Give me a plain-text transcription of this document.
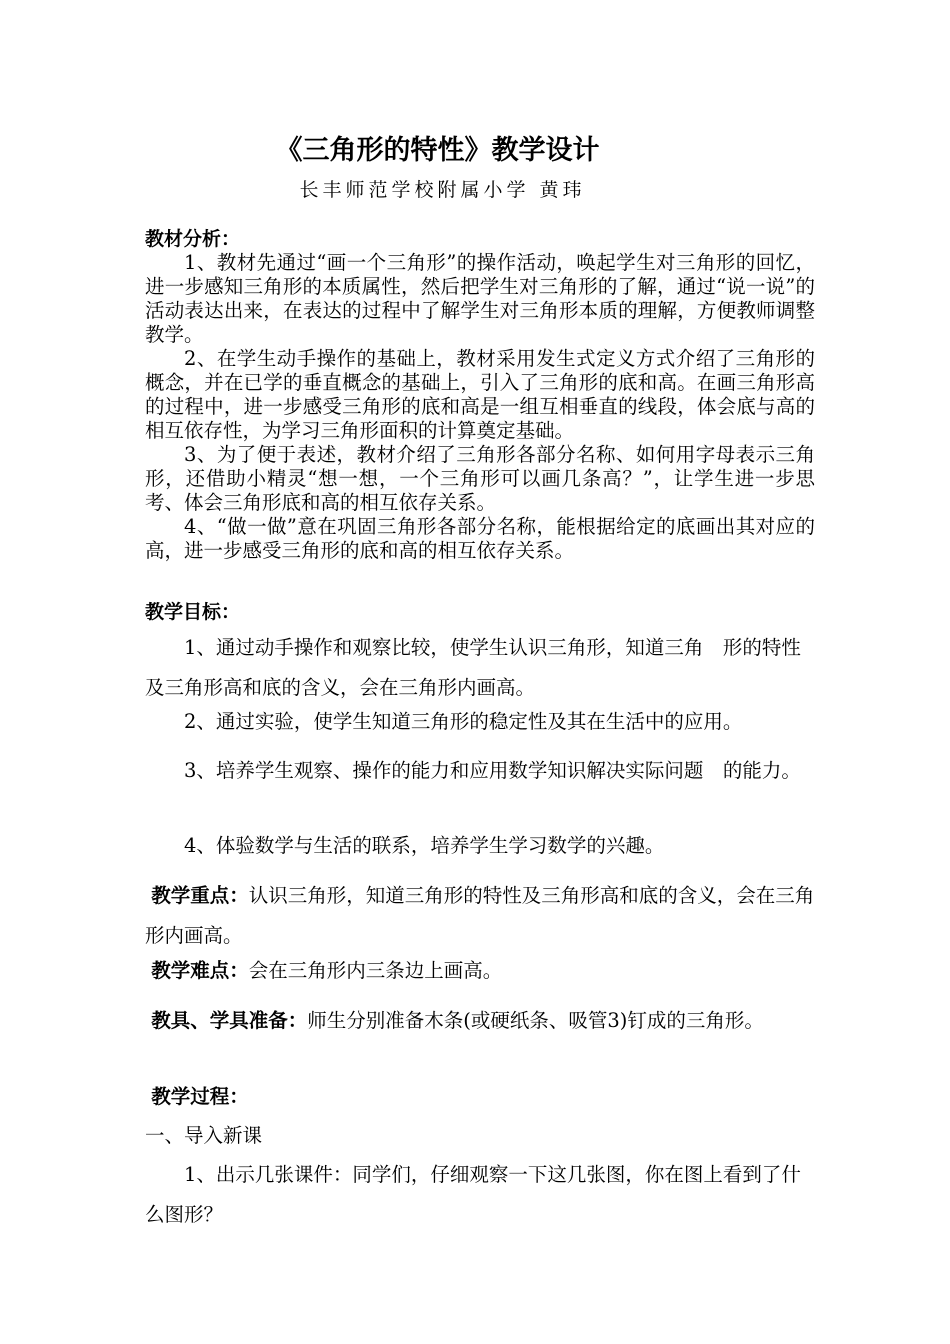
《三角形的特性》教学设计
长丰师范学校附属小学 黄玮
教材分析：

1、教材先通过“画一个三角形”的操作活动，唤起学生对三角形的回忆，进一步感知三角形的本质属性，然后把学生对三角形的了解，通过“说一说”的活动表达出来，在表达的过程中了解学生对三角形本质的理解，方便教师调整教学。

2、在学生动手操作的基础上，教材采用发生式定义方式介绍了三角形的概念，并在已学的垂直概念的基础上，引入了三角形的底和高。在画三角形高的过程中，进一步感受三角形的底和高是一组互相垂直的线段，体会底与高的相互依存性，为学习三角形面积的计算奠定基础。

3、为了便于表述，教材介绍了三角形各部分名称、如何用字母表示三角形，还借助小精灵“想一想，一个三角形可以画几条高？”，让学生进一步思考、体会三角形底和高的相互依存关系。

4、“做一做”意在巩固三角形各部分名称，能根据给定的底画出其对应的高，进一步感受三角形的底和高的相互依存关系。

教学目标：

1、通过动手操作和观察比较，使学生认识三角形，知道三角　形的特性及三角形高和底的含义，会在三角形内画高。

2、通过实验，使学生知道三角形的稳定性及其在生活中的应用。

3、培养学生观察、操作的能力和应用数学知识解决实际问题　的能力。

4、体验数学与生活的联系，培养学生学习数学的兴趣。

教学重点：认识三角形，知道三角形的特性及三角形高和底的含义，会在三角形内画高。

教学难点：会在三角形内三条边上画高。

教具、学具准备：师生分别准备木条(或硬纸条、吸管3)钉成的三角形。

教学过程：

一、导入新课

1、出示几张课件：同学们，仔细观察一下这几张图，你在图上看到了什么图形？
